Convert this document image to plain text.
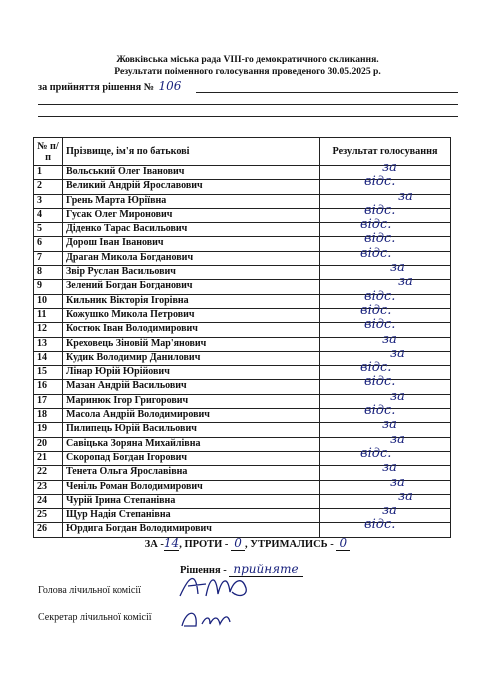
Жовківська міська рада VIII-го демократичного скликання.
Результати поіменного голосування проведеного 30.05.2025 р.
за прийняття рішення № 106
№ п/п	Прізвище, ім'я по батькові	Результат голосування
1	Вольський Олег Іванович	за

2	Великий Андрій Ярославович	відс.

3	Грень Марта Юріївна	за

4	Гусак Олег Миронович	відс.

5	Діденко Тарас Васильович	відс.

6	Дорош Іван Іванович	відс.

7	Драган Микола Богданович	відс.

8	Звір Руслан Васильович	за

9	Зелений Богдан Богданович	за

10	Кильник Вікторія Ігорівна	відс.

11	Кожушко Микола Петрович	відс.

12	Костюк Іван Володимирович	відс.

13	Креховець Зіновій Мар'янович	за

14	Кудик Володимир Данилович	за

15	Лінар Юрій Юрійович	відс.

16	Мазан Андрій Васильович	відс.

17	Маринюк Ігор Григорович	за

18	Масола Андрій Володимирович	відс.

19	Пилипець Юрій Васильович	за

20	Савіцька Зоряна Михайлівна	за

21	Скоропад Богдан Ігорович	відс.

22	Тенета Ольга Ярославівна	за

23	Ченіль Роман Володимирович	за

24	Чурій Ірина Степанівна	за

25	Щур Надія Степанівна	за

26	Юрдига Богдан Володимирович	відс.
ЗА -14, ПРОТИ - 0 , УТРИМАЛИСЬ - 0
Рішення - прийняте
Голова лічильної комісії
Секретар лічильної комісії
